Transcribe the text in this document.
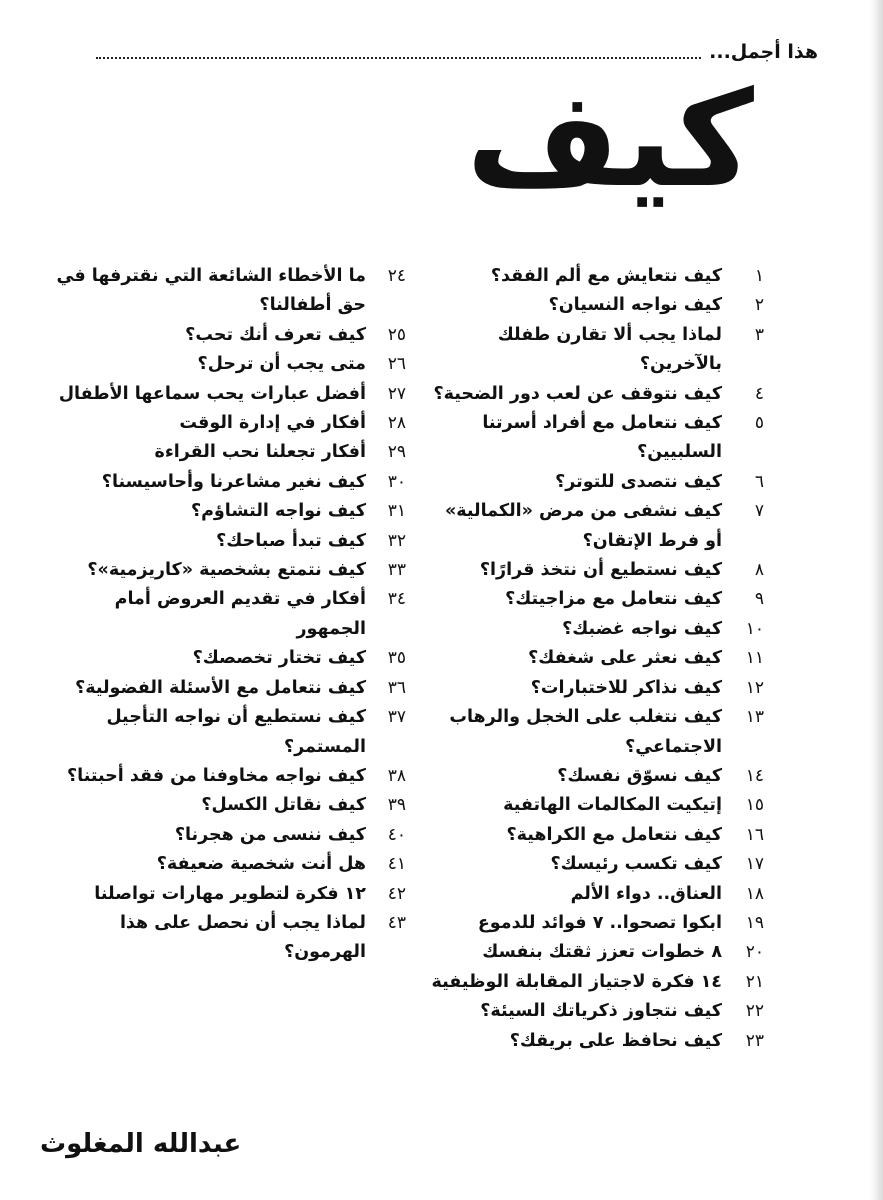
هذا أجمل...
كيف
١
كيف نتعايش مع ألم الفقد؟
٢
كيف نواجه النسيان؟
٣
لماذا يجب ألا تقارن طفلك بالآخرين؟
٤
كيف نتوقف عن لعب دور الضحية؟
٥
كيف نتعامل مع أفراد أسرتنا السلبيين؟
٦
كيف نتصدى للتوتر؟
٧
كيف نشفى من مرض «الكمالية» أو فرط الإتقان؟
٨
كيف نستطيع أن نتخذ قرارًا؟
٩
كيف نتعامل مع مزاجيتك؟
١٠
كيف نواجه غضبك؟
١١
كيف نعثر على شغفك؟
١٢
كيف نذاكر للاختبارات؟
١٣
كيف نتغلب على الخجل والرهاب الاجتماعي؟
١٤
كيف نسوّق نفسك؟
١٥
إتيكيت المكالمات الهاتفية
١٦
كيف نتعامل مع الكراهية؟
١٧
كيف تكسب رئيسك؟
١٨
العناق.. دواء الألم
١٩
ابكوا تصحوا.. ٧ فوائد للدموع
٢٠
٨ خطوات تعزز ثقتك بنفسك
٢١
١٤ فكرة لاجتياز المقابلة الوظيفية
٢٢
كيف نتجاوز ذكرياتك السيئة؟
٢٣
كيف نحافظ على بريقك؟
٢٤
ما الأخطاء الشائعة التي نقترفها في حق أطفالنا؟
٢٥
كيف تعرف أنك تحب؟
٢٦
متى يجب أن ترحل؟
٢٧
أفضل عبارات يحب سماعها الأطفال
٢٨
أفكار في إدارة الوقت
٢٩
أفكار تجعلنا نحب القراءة
٣٠
كيف نغير مشاعرنا وأحاسيسنا؟
٣١
كيف نواجه التشاؤم؟
٣٢
كيف تبدأ صباحك؟
٣٣
كيف نتمتع بشخصية «كاريزمية»؟
٣٤
أفكار في تقديم العروض أمام الجمهور
٣٥
كيف تختار تخصصك؟
٣٦
كيف نتعامل مع الأسئلة الفضولية؟
٣٧
كيف نستطيع أن نواجه التأجيل المستمر؟
٣٨
كيف نواجه مخاوفنا من فقد أحبتنا؟
٣٩
كيف نقاتل الكسل؟
٤٠
كيف ننسى من هجرنا؟
٤١
هل أنت شخصية ضعيفة؟
٤٢
١٢ فكرة لتطوير مهارات تواصلنا
٤٣
لماذا يجب أن نحصل على هذا الهرمون؟
عبدالله المغلوث
